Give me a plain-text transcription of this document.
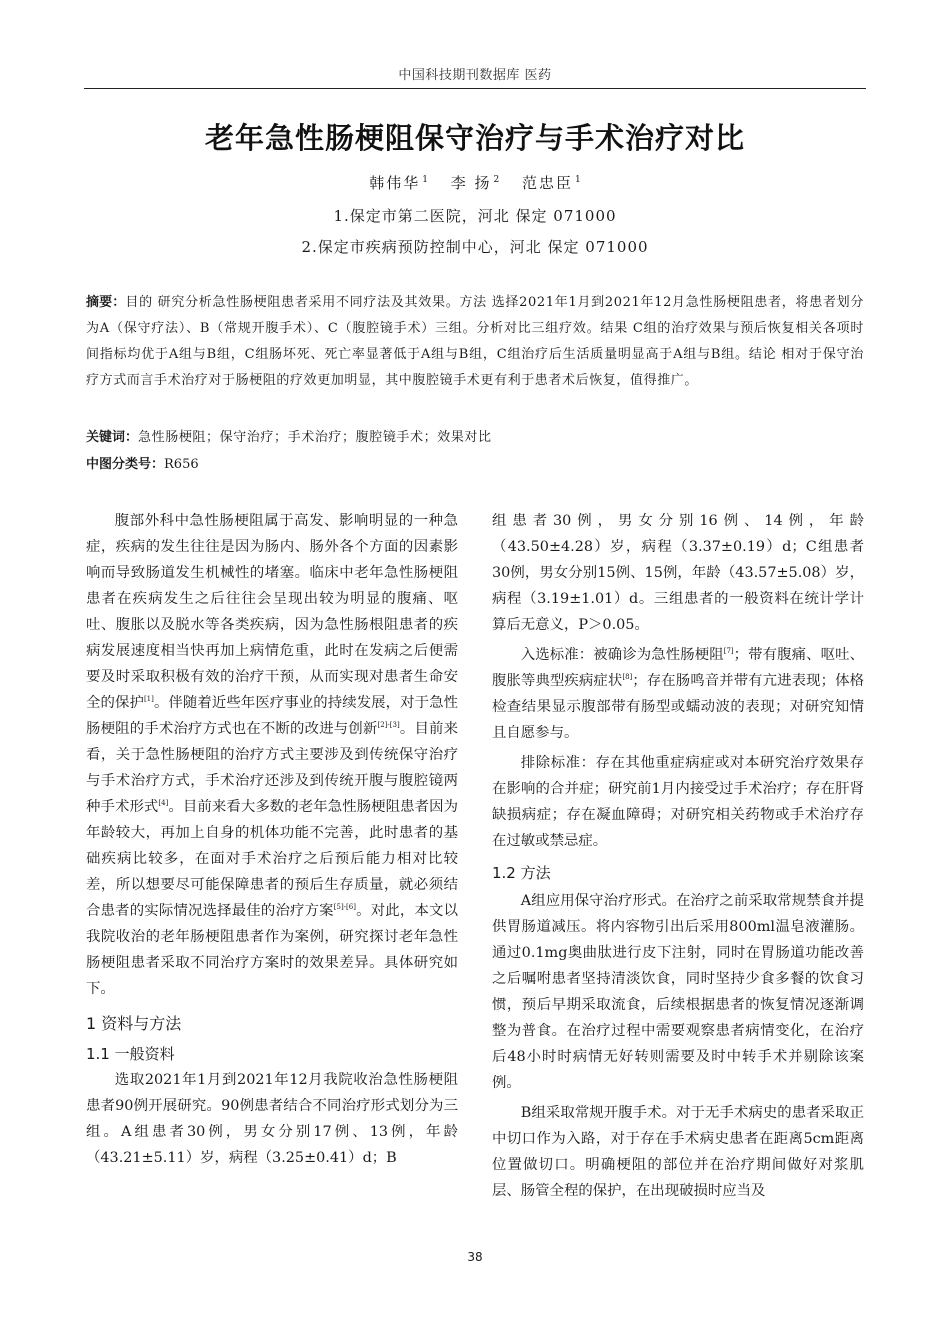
中国科技期刊数据库 医药
老年急性肠梗阻保守治疗与手术治疗对比
韩伟华 $^1$ 李 扬 $^2$ 范忠臣 $^1$
1.保定市第二医院，河北 保定 071000
2.保定市疾病预防控制中心，河北 保定 071000

摘要：目的 研究分析急性肠梗阻患者采用不同疗法及其效果。方法 选择2021年1月到2021年12月急性肠梗阻患者，将患者划分为A（保守疗法）、B（常规开腹手术）、C（腹腔镜手术）三组。分析对比三组疗效。结果 C组的治疗效果与预后恢复相关各项时间指标均优于A组与B组，C组肠坏死、死亡率显著低于A组与B组，C组治疗后生活质量明显高于A组与B组。结论 相对于保守治疗方式而言手术治疗对于肠梗阻的疗效更加明显，其中腹腔镜手术更有利于患者术后恢复，值得推广。

关键词：急性肠梗阻；保守治疗；手术治疗；腹腔镜手术；效果对比
中图分类号：R656

腹部外科中急性肠梗阻属于高发、影响明显的一种急症，疾病的发生往往是因为肠内、肠外各个方面的因素影响而导致肠道发生机械性的堵塞。临床中老年急性肠梗阻患者在疾病发生之后往往会呈现出较为明显的腹痛、呕吐、腹胀以及脱水等各类疾病，因为急性肠根阻患者的疾病发展速度相当快再加上病情危重，此时在发病之后便需要及时采取积极有效的治疗干预，从而实现对患者生命安全的保护[1]。伴随着近些年医疗事业的持续发展，对于急性肠梗阻的手术治疗方式也在不断的改进与创新[2]-[3]。目前来看，关于急性肠梗阻的治疗方式主要涉及到传统保守治疗与手术治疗方式，手术治疗还涉及到传统开腹与腹腔镜两种手术形式[4]。目前来看大多数的老年急性肠梗阻患者因为年龄较大，再加上自身的机体功能不完善，此时患者的基础疾病比较多，在面对手术治疗之后预后能力相对比较差，所以想要尽可能保障患者的预后生存质量，就必须结合患者的实际情况选择最佳的治疗方案[5]-[6]。对此，本文以我院收治的老年肠梗阻患者作为案例，研究探讨老年急性肠梗阻患者采取不同治疗方案时的效果差异。具体研究如下。

1 资料与方法
1.1 一般资料

选取2021年1月到2021年12月我院收治急性肠梗阻患者90例开展研究。90例患者结合不同治疗形式划分为三组。A组患者30例，男女分别17例、13例，年龄（43.21±5.11）岁，病程（3.25±0.41）d；B

组患者30例，男女分别16例、14例，年龄（43.50±4.28）岁，病程（3.37±0.19）d；C组患者30例，男女分别15例、15例，年龄（43.57±5.08）岁，病程（3.19±1.01）d。三组患者的一般资料在统计学计算后无意义，P＞0.05。

入选标准：被确诊为急性肠梗阻[7]；带有腹痛、呕吐、腹胀等典型疾病症状[8]；存在肠鸣音并带有亢进表现；体格检查结果显示腹部带有肠型或蠕动波的表现；对研究知情且自愿参与。

排除标准：存在其他重症病症或对本研究治疗效果存在影响的合并症；研究前1月内接受过手术治疗；存在肝肾缺损病症；存在凝血障碍；对研究相关药物或手术治疗存在过敏或禁忌症。

1.2 方法

A组应用保守治疗形式。在治疗之前采取常规禁食并提供胃肠道减压。将内容物引出后采用800ml温皂液灌肠。通过0.1mg奥曲肽进行皮下注射，同时在胃肠道功能改善之后嘱咐患者坚持清淡饮食，同时坚持少食多餐的饮食习惯，预后早期采取流食，后续根据患者的恢复情况逐渐调整为普食。在治疗过程中需要观察患者病情变化，在治疗后48小时时病情无好转则需要及时中转手术并剔除该案例。

B组采取常规开腹手术。对于无手术病史的患者采取正中切口作为入路，对于存在手术病史患者在距离5cm距离位置做切口。明确梗阻的部位并在治疗期间做好对浆肌层、肠管全程的保护，在出现破损时应当及

38
